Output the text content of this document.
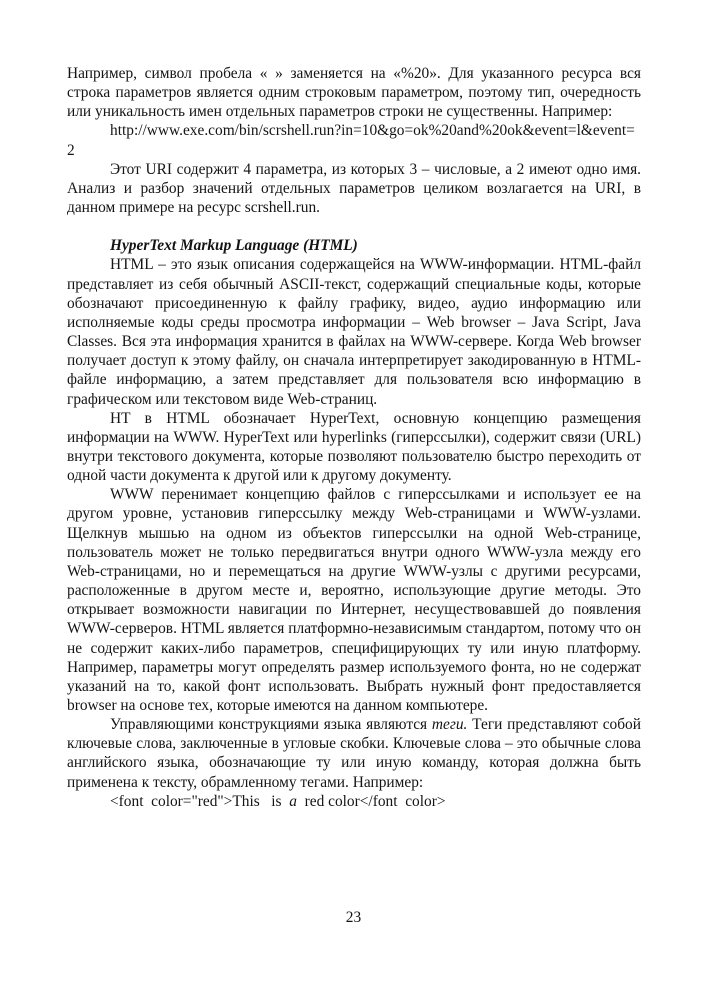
Например, символ пробела « » заменяется на «%20». Для указанного ресурса вся строка параметров является одним строковым параметром, поэтому тип, очередность или уникальность имен отдельных параметров строки не существенны. Например:

http://www.exe.com/bin/scrshell.run?in=10&go=ok%20and%20ok&event=l&event=2

Этот URI содержит 4 параметра, из которых 3 – числовые, а 2 имеют одно имя. Анализ и разбор значений отдельных параметров целиком возлагается на URI, в данном примере на ресурс scrshell.run.

HyperText Markup Language (HTML)

HTML – это язык описания содержащейся на WWW-информации. HTML-файл представляет из себя обычный ASCII-текст, содержащий специальные коды, которые обозначают присоединенную к файлу графику, видео, аудио информацию или исполняемые коды среды просмотра информации – Web browser – Java Script, Java Classes. Вся эта информация хранится в файлах на WWW-сервере. Когда Web browser получает доступ к этому файлу, он сначала интерпретирует закодированную в HTML-файле информацию, а затем представляет для пользователя всю информацию в графическом или текстовом виде Web-страниц.

HT в HTML обозначает HyperText, основную концепцию размещения информации на WWW. HyperText или hyperlinks (гиперссылки), содержит связи (URL) внутри текстового документа, которые позволяют пользователю быстро переходить от одной части документа к другой или к другому документу.

WWW перенимает концепцию файлов с гиперссылками и использует ее на другом уровне, установив гиперссылку между Web-страницами и WWW-узлами. Щелкнув мышью на одном из объектов гиперссылки на одной Web-странице, пользователь может не только передвигаться внутри одного WWW-узла между его Web-страницами, но и перемещаться на другие WWW-узлы с другими ресурсами, расположенные в другом месте и, вероятно, использующие другие методы. Это открывает возможности навигации по Интернет, несуществовавшей до появления WWW-серверов. HTML является платформно-независимым стандартом, потому что он не содержит каких-либо параметров, специфицирующих ту или иную платформу. Например, параметры могут определять размер используемого фонта, но не содержат указаний на то, какой фонт использовать. Выбрать нужный фонт предоставляется browser на основе тех, которые имеются на данном компьютере.

Управляющими конструкциями языка являются теги. Теги представляют собой ключевые слова, заключенные в угловые скобки. Ключевые слова – это обычные слова английского языка, обозначающие ту или иную команду, которая должна быть применена к тексту, обрамленному тегами. Например:

<font  color="red">This   is  a  red color</font  color>

23
